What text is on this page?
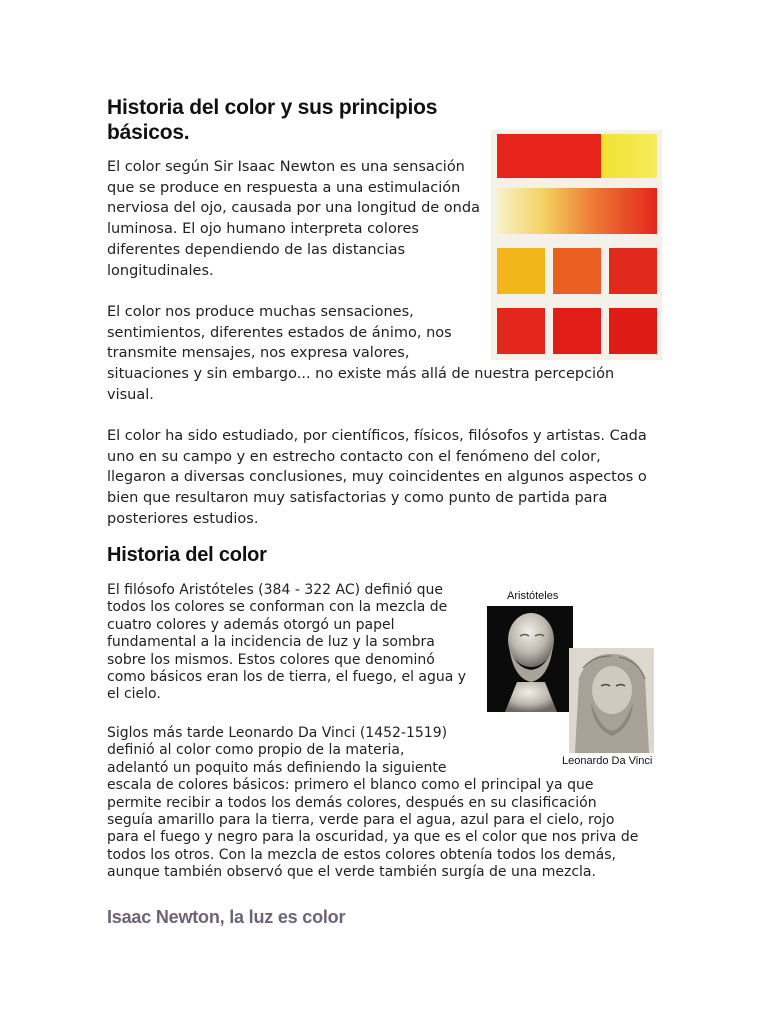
Historia del color y sus principios
básicos.
El color según Sir Isaac Newton es una sensación
que se produce en respuesta a una estimulación
nerviosa del ojo, causada por una longitud de onda
luminosa. El ojo humano interpreta colores
diferentes dependiendo de las distancias
longitudinales.
El color nos produce muchas sensaciones,
sentimientos, diferentes estados de ánimo, nos
transmite mensajes, nos expresa valores,
situaciones y sin embargo... no existe más allá de nuestra percepción
visual.
El color ha sido estudiado, por científicos, físicos, filósofos y artistas. Cada
uno en su campo y en estrecho contacto con el fenómeno del color,
llegaron a diversas conclusiones, muy coincidentes en algunos aspectos o
bien que resultaron muy satisfactorias y como punto de partida para
posteriores estudios.
Historia del color
El filósofo Aristóteles (384 - 322 AC) definió que
todos los colores se conforman con la mezcla de
cuatro colores y además otorgó un papel
fundamental a la incidencia de luz y la sombra
sobre los mismos. Estos colores que denominó
como básicos eran los de tierra, el fuego, el agua y
el cielo.
Siglos más tarde Leonardo Da Vinci (1452-1519)
definió al color como propio de la materia,
adelantó un poquito más definiendo la siguiente
escala de colores básicos: primero el blanco como el principal ya que
permite recibir a todos los demás colores, después en su clasificación
seguía amarillo para la tierra, verde para el agua, azul para el cielo, rojo
para el fuego y negro para la oscuridad, ya que es el color que nos priva de
todos los otros. Con la mezcla de estos colores obtenía todos los demás,
aunque también observó que el verde también surgía de una mezcla.
Aristóteles
Leonardo Da Vinci
Isaac Newton, la luz es color
